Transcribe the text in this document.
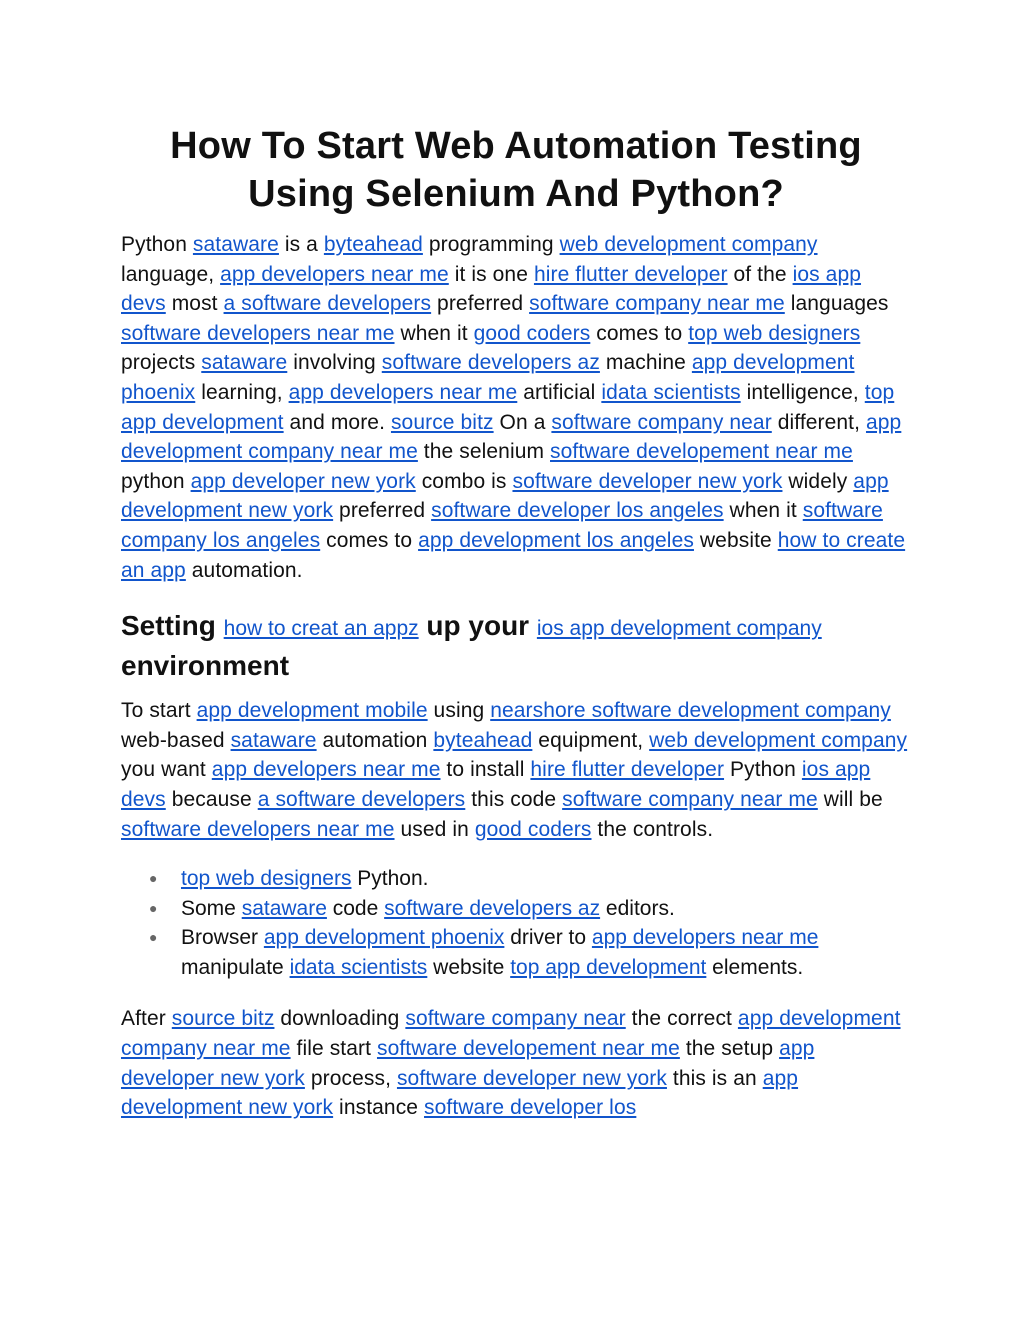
How To Start Web Automation Testing Using Selenium And Python?

Python sataware is a byteahead programming web development company language, app developers near me it is one hire flutter developer of the ios app devs most a software developers preferred software company near me languages software developers near me when it good coders comes to top web designers projects sataware involving software developers az machine app development phoenix learning, app developers near me artificial idata scientists intelligence, top app development and more. source bitz On a software company near different, app development company near me the selenium software developement near me python app developer new york combo is software developer new york widely app development new york preferred software developer los angeles when it software company los angeles comes to app development los angeles website how to create an app automation.

Setting how to creat an appz up your ios app development company environment

To start app development mobile using nearshore software development company web-based sataware automation byteahead equipment, web development company you want app developers near me to install hire flutter developer Python ios app devs because a software developers this code software company near me will be software developers near me used in good coders the controls.

● top web designers Python.
● Some sataware code software developers az editors.
● Browser app development phoenix driver to app developers near me manipulate idata scientists website top app development elements.

After source bitz downloading software company near the correct app development company near me file start software developement near me the setup app developer new york process, software developer new york this is an app development new york instance software developer los
